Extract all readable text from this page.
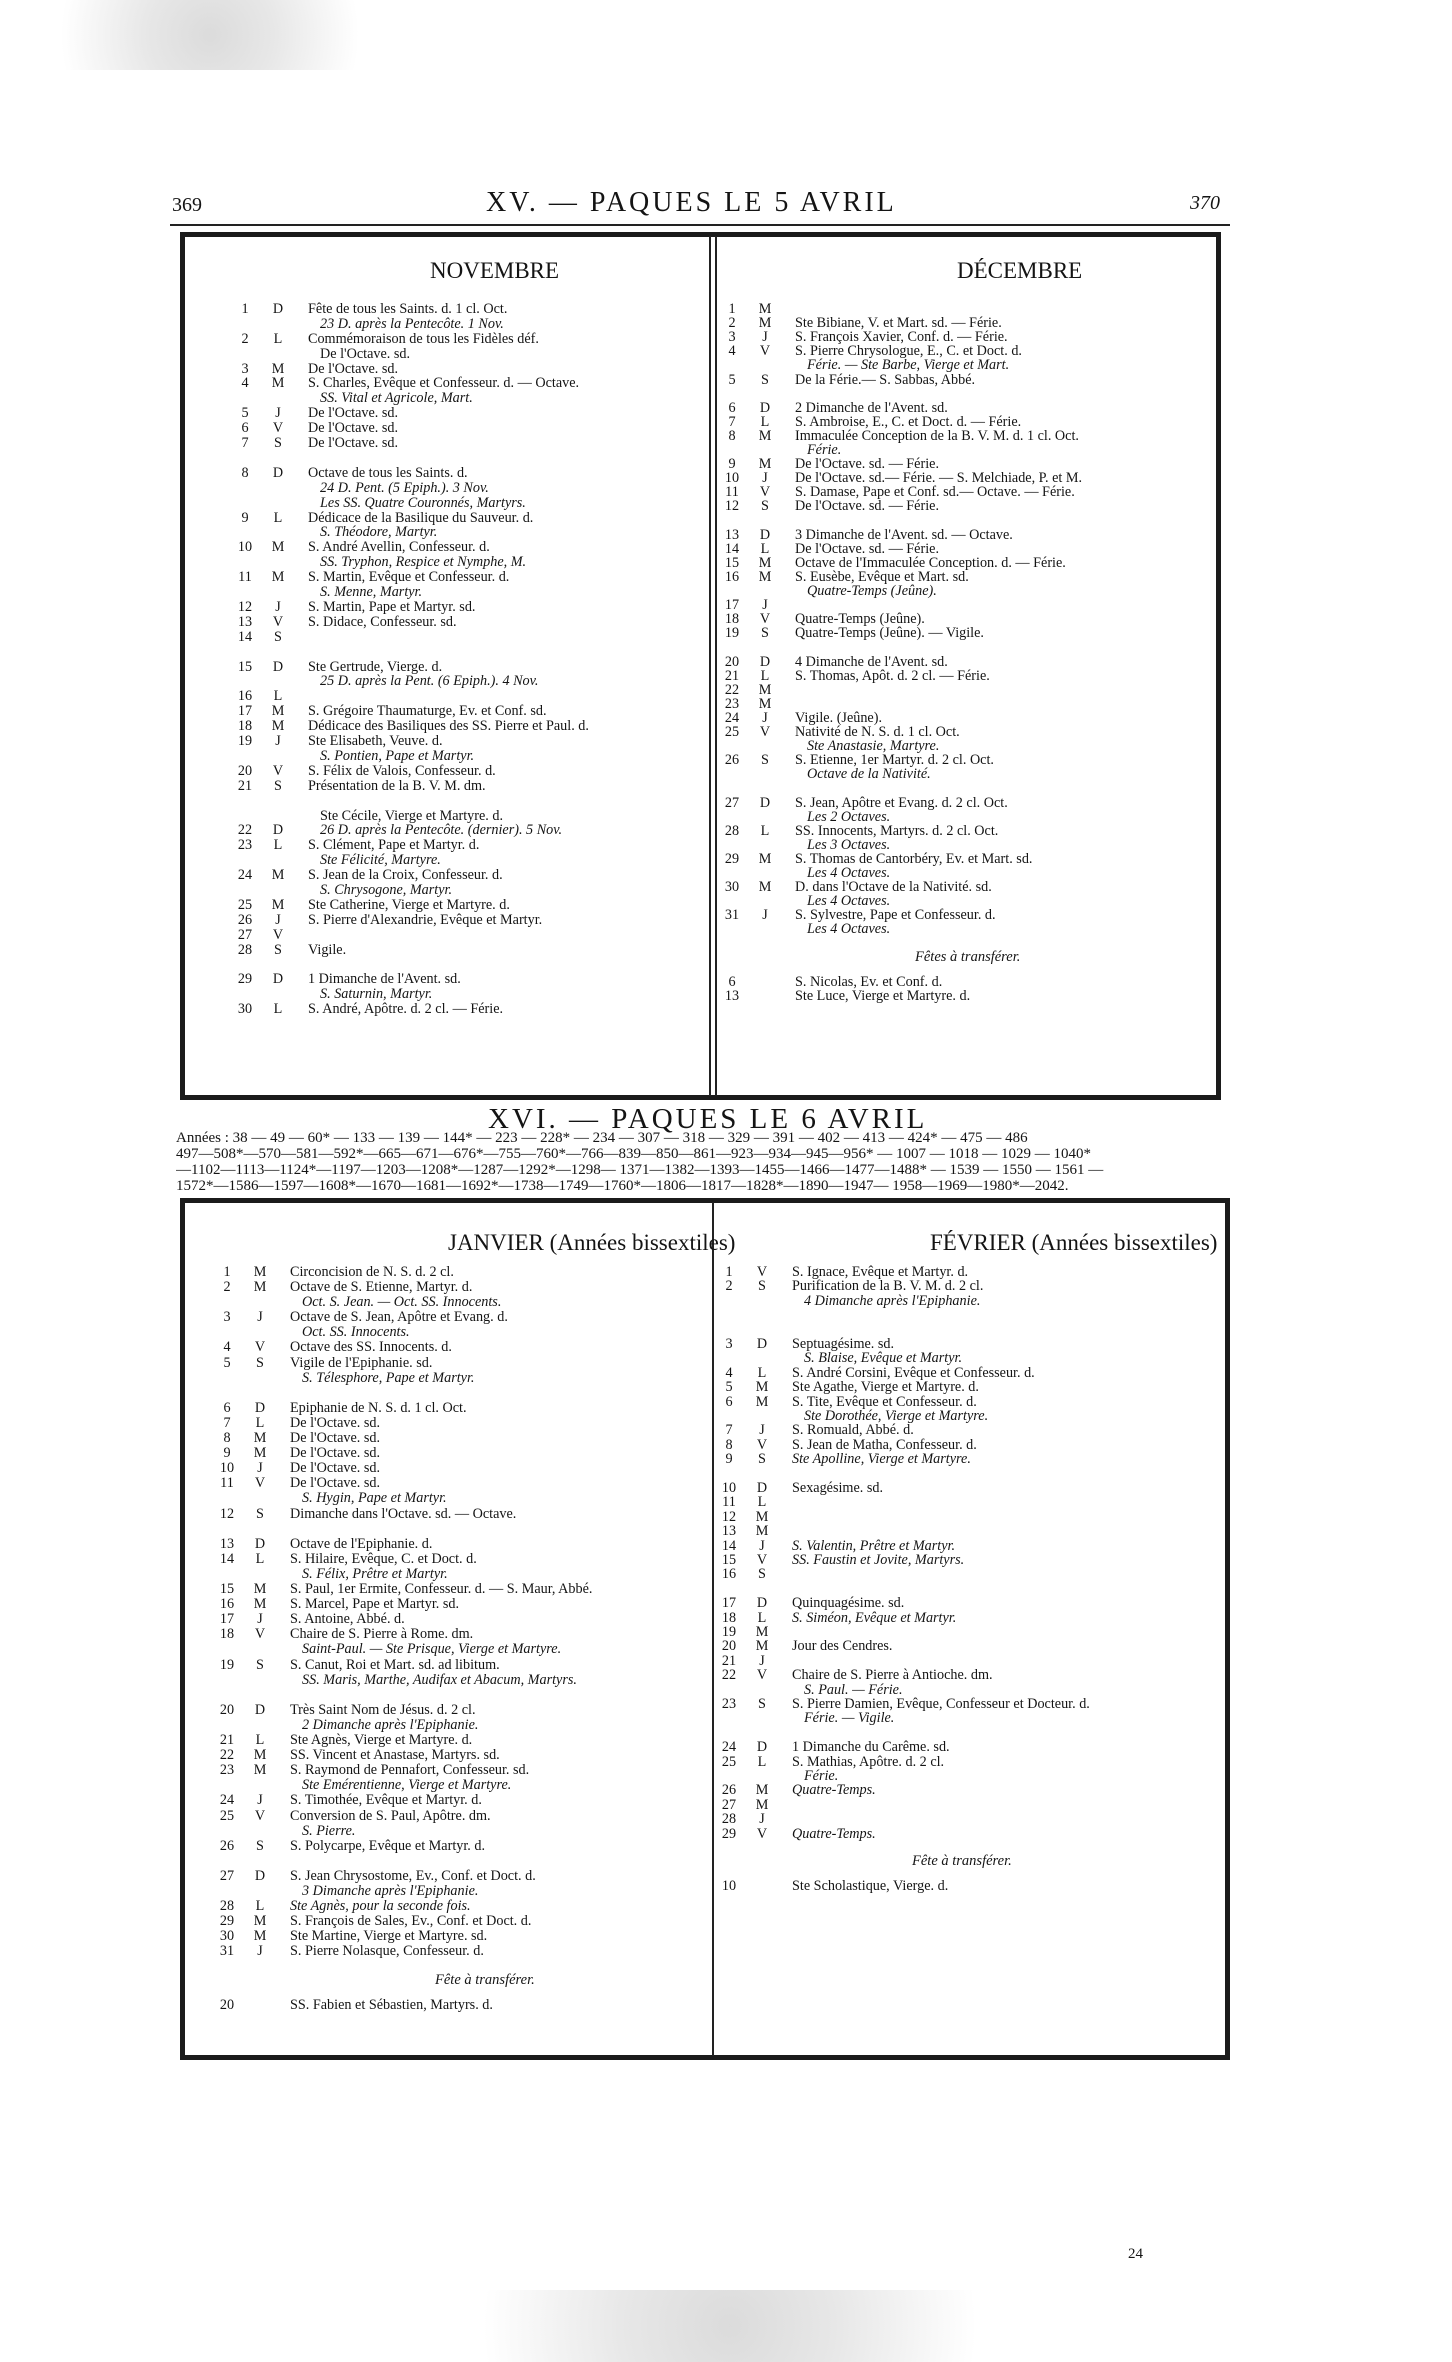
369	XV. — PAQUES LE 5 AVRIL	370
XVI. — PAQUES LE 6 AVRIL
NOVEMBRE
1	D	Fête de tous les Saints. d. 1 cl. Oct.
23 D. après la Pentecôte. 1 Nov.
2	L	Commémoraison de tous les Fidèles déf.
De l'Octave. sd.
3	M De l'Octave. sd.
4	M S. Charles, Evêque et Confesseur. d. — Octave.
SS. Vital et Agricole, Mart.
5	J	De l'Octave. sd.
6	V	De l'Octave. sd.
7	S	De l'Octave. sd.
8	D	Octave de tous les Saints. d.
24 D. Pent. (5 Epiph.). 3 Nov.
Les SS. Quatre Couronnés, Martyrs.
9	L	Dédicace de la Basilique du Sauveur. d.
S. Théodore, Martyr.
10	M S. André Avellin, Confesseur. d.
SS. Tryphon, Respice et Nymphe, M.
11	M S. Martin, Evêque et Confesseur. d.
S. Menne, Martyr.
12	J	S. Martin, Pape et Martyr. sd.
13	V	S. Didace, Confesseur. sd.
14	S
15	D	Ste Gertrude, Vierge. d.
25 D. après la Pent. (6 Epiph.). 4 Nov.
16	L
17	M S. Grégoire Thaumaturge, Ev. et Conf. sd.
18	M Dédicace des Basiliques des SS. Pierre et Paul. d.
19	J	Ste Elisabeth, Veuve. d.
S. Pontien, Pape et Martyr.
20	V	S. Félix de Valois, Confesseur. d.
21	S	Présentation de la B. V. M. dm.
Ste Cécile, Vierge et Martyre. d.
22	D	26 D. après la Pentecôte. (dernier). 5 Nov.
23	L	S. Clément, Pape et Martyr. d.
Ste Félicité, Martyre.
24	M S. Jean de la Croix, Confesseur. d.
S. Chrysogone, Martyr.
25	M Ste Catherine, Vierge et Martyre. d.
26	J	S. Pierre d'Alexandrie, Evêque et Martyr.
27	V
28	S	Vigile.
29	D	1 Dimanche de l'Avent. sd.
S. Saturnin, Martyr.
30	L	S. André, Apôtre. d. 2 cl. — Férie.
DÉCEMBRE
1	M
2	M Ste Bibiane, V. et Mart. sd. — Férie.
3	J	S. François Xavier, Conf. d. — Férie.
4	V	S. Pierre Chrysologue, E., C. et Doct. d.
Férie. — Ste Barbe, Vierge et Mart.
5	S	De la Férie.— S. Sabbas, Abbé.
6	D	2 Dimanche de l'Avent. sd.
7	L	S. Ambroise, E., C. et Doct. d. — Férie.
8	M Immaculée Conception de la B. V. M. d. 1 cl. Oct.
Férie.
9	M De l'Octave. sd. — Férie.
10	J	De l'Octave. sd.— Férie. — S. Melchiade, P. et M.
11	V	S. Damase, Pape et Conf. sd.— Octave. — Férie.
12	S	De l'Octave. sd. — Férie.
13	D	3 Dimanche de l'Avent. sd. — Octave.
14	L	De l'Octave. sd. — Férie.
15	M Octave de l'Immaculée Conception. d. — Férie.
16	M S. Eusèbe, Evêque et Mart. sd.
Quatre-Temps (Jeûne).
17	J
18	V	Quatre-Temps (Jeûne).
19	S	Quatre-Temps (Jeûne). — Vigile.
20	D	4 Dimanche de l'Avent. sd.
21	L	S. Thomas, Apôt. d. 2 cl. — Férie.
22	M
23	M
24	J	Vigile. (Jeûne).
25	V	Nativité de N. S. d. 1 cl. Oct.
Ste Anastasie, Martyre.
26	S	S. Etienne, 1er Martyr. d. 2 cl. Oct.
Octave de la Nativité.
27	D	S. Jean, Apôtre et Evang. d. 2 cl. Oct.
Les 2 Octaves.
28	L	SS. Innocents, Martyrs. d. 2 cl. Oct.
Les 3 Octaves.
29	M S. Thomas de Cantorbéry, Ev. et Mart. sd.
Les 4 Octaves.
30	M D. dans l'Octave de la Nativité. sd.
Les 4 Octaves.
31	J	S. Sylvestre, Pape et Confesseur. d.
Les 4 Octaves.
Fêtes à transférer.
6	S. Nicolas, Ev. et Conf. d.
13	Ste Luce, Vierge et Martyre. d.
JANVIER (Années bissextiles)
1	M Circoncision de N. S. d. 2 cl.
2	M Octave de S. Etienne, Martyr. d.
Oct. S. Jean. — Oct. SS. Innocents.
3	J	Octave de S. Jean, Apôtre et Evang. d.
Oct. SS. Innocents.
4	V	Octave des SS. Innocents. d.
5	S	Vigile de l'Epiphanie. sd.
S. Télesphore, Pape et Martyr.
6	D	Epiphanie de N. S. d. 1 cl. Oct.
7	L	De l'Octave. sd.
8	M De l'Octave. sd.
9	M De l'Octave. sd.
10	J	De l'Octave. sd.
11	V	De l'Octave. sd.
S. Hygin, Pape et Martyr.
12	S	Dimanche dans l'Octave. sd. — Octave.
13	D	Octave de l'Epiphanie. d.
14	L	S. Hilaire, Evêque, C. et Doct. d.
S. Félix, Prêtre et Martyr.
15	M S. Paul, 1er Ermite, Confesseur. d. — S. Maur, Abbé.
16	M S. Marcel, Pape et Martyr. sd.
17	J	S. Antoine, Abbé. d.
18	V	Chaire de S. Pierre à Rome. dm.
Saint-Paul. — Ste Prisque, Vierge et Martyre.
19	S	S. Canut, Roi et Mart. sd. ad libitum.
SS. Maris, Marthe, Audifax et Abacum, Martyrs.
20	D	Très Saint Nom de Jésus. d. 2 cl.
2 Dimanche après l'Epiphanie.
21	L	Ste Agnès, Vierge et Martyre. d.
22	M SS. Vincent et Anastase, Martyrs. sd.
23	M S. Raymond de Pennafort, Confesseur. sd.
Ste Emérentienne, Vierge et Martyre.
24	J	S. Timothée, Evêque et Martyr. d.
25	V	Conversion de S. Paul, Apôtre. dm.
S. Pierre.
26	S	S. Polycarpe, Evêque et Martyr. d.
27	D	S. Jean Chrysostome, Ev., Conf. et Doct. d.
3 Dimanche après l'Epiphanie.
28	L	Ste Agnès, pour la seconde fois.
29	M S. François de Sales, Ev., Conf. et Doct. d.
30	M Ste Martine, Vierge et Martyre. sd.
31	J	S. Pierre Nolasque, Confesseur. d.
Fête à transférer.
20	SS. Fabien et Sébastien, Martyrs. d.
FÉVRIER (Années bissextiles)
1	V	S. Ignace, Evêque et Martyr. d.
2	S	Purification de la B. V. M. d. 2 cl.
4 Dimanche après l'Epiphanie.
3	D	Septuagésime. sd.
S. Blaise, Evêque et Martyr.
4	L	S. André Corsini, Evêque et Confesseur. d.
5	M Ste Agathe, Vierge et Martyre. d.
6	M S. Tite, Evêque et Confesseur. d.
Ste Dorothée, Vierge et Martyre.
7	J	S. Romuald, Abbé. d.
8	V	S. Jean de Matha, Confesseur. d.
9	S	Ste Apolline, Vierge et Martyre.
10	D	Sexagésime. sd.
11	L
12	M
13	M
14	J	S. Valentin, Prêtre et Martyr.
15	V	SS. Faustin et Jovite, Martyrs.
16	S
17	D	Quinquagésime. sd.
18	L	S. Siméon, Evêque et Martyr.
19	M
20	M Jour des Cendres.
21	J
22	V	Chaire de S. Pierre à Antioche. dm.
S. Paul. — Férie.
23	S	S. Pierre Damien, Evêque, Confesseur et Docteur. d.
Férie. — Vigile.
24	D	1 Dimanche du Carême. sd.
25	L	S. Mathias, Apôtre. d. 2 cl.
Férie.
26	M Quatre-Temps.
27	M
28	J
29	V	Quatre-Temps.
Fête à transférer.
10	Ste Scholastique, Vierge. d.
24
Années : 38 — 49 — 60* — 133 — 139 — 144* — 223 — 228* — 234 — 307 — 318 — 329 — 391 — 402 — 413 — 424* — 475 — 486
497—508*—570—581—592*—665—671—676*—755—760*—766—839—850—861—923—934—945—956* — 1007 — 1018 — 1029 — 1040*
—1102—1113—1124*—1197—1203—1208*—1287—1292*—1298— 1371—1382—1393—1455—1466—1477—1488* — 1539 — 1550 — 1561 —
1572*—1586—1597—1608*—1670—1681—1692*—1738—1749—1760*—1806—1817—1828*—1890—1947— 1958—1969—1980*—2042.
